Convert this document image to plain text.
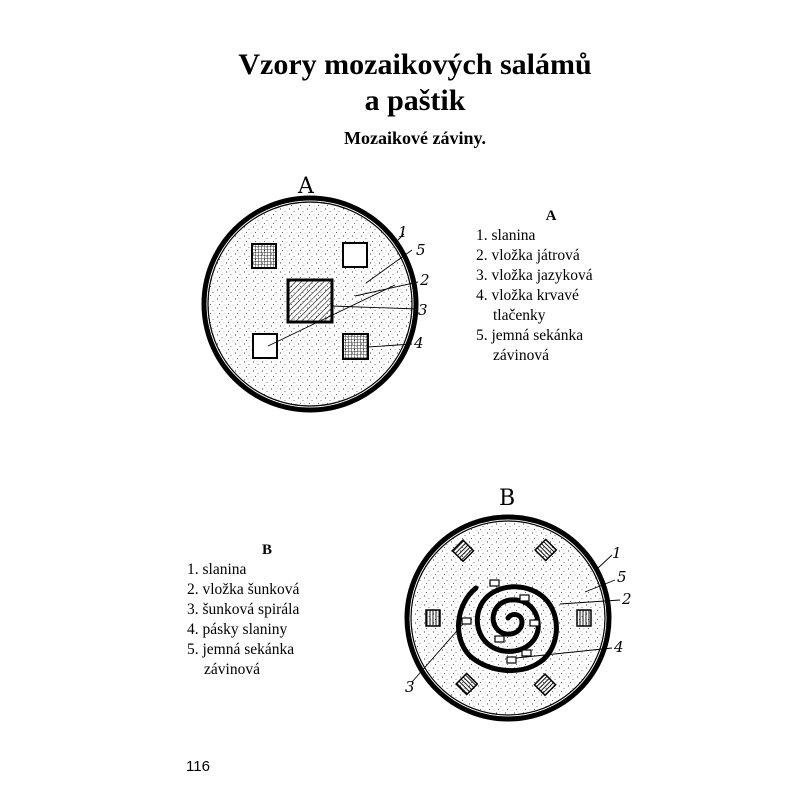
Vzory mozaikových salámů
a paštik
Mozaikové záviny.
A
1
5
2
3
4
B
1
5
2
4
3
A
1. slanina
2. vložka játrová
3. vložka jazyková
4. vložka krvavé
tlačenky
5. jemná sekánka
závinová
B
1. slanina
2. vložka šunková
3. šunková spirála
4. pásky slaniny
5. jemná sekánka
závinová
116
